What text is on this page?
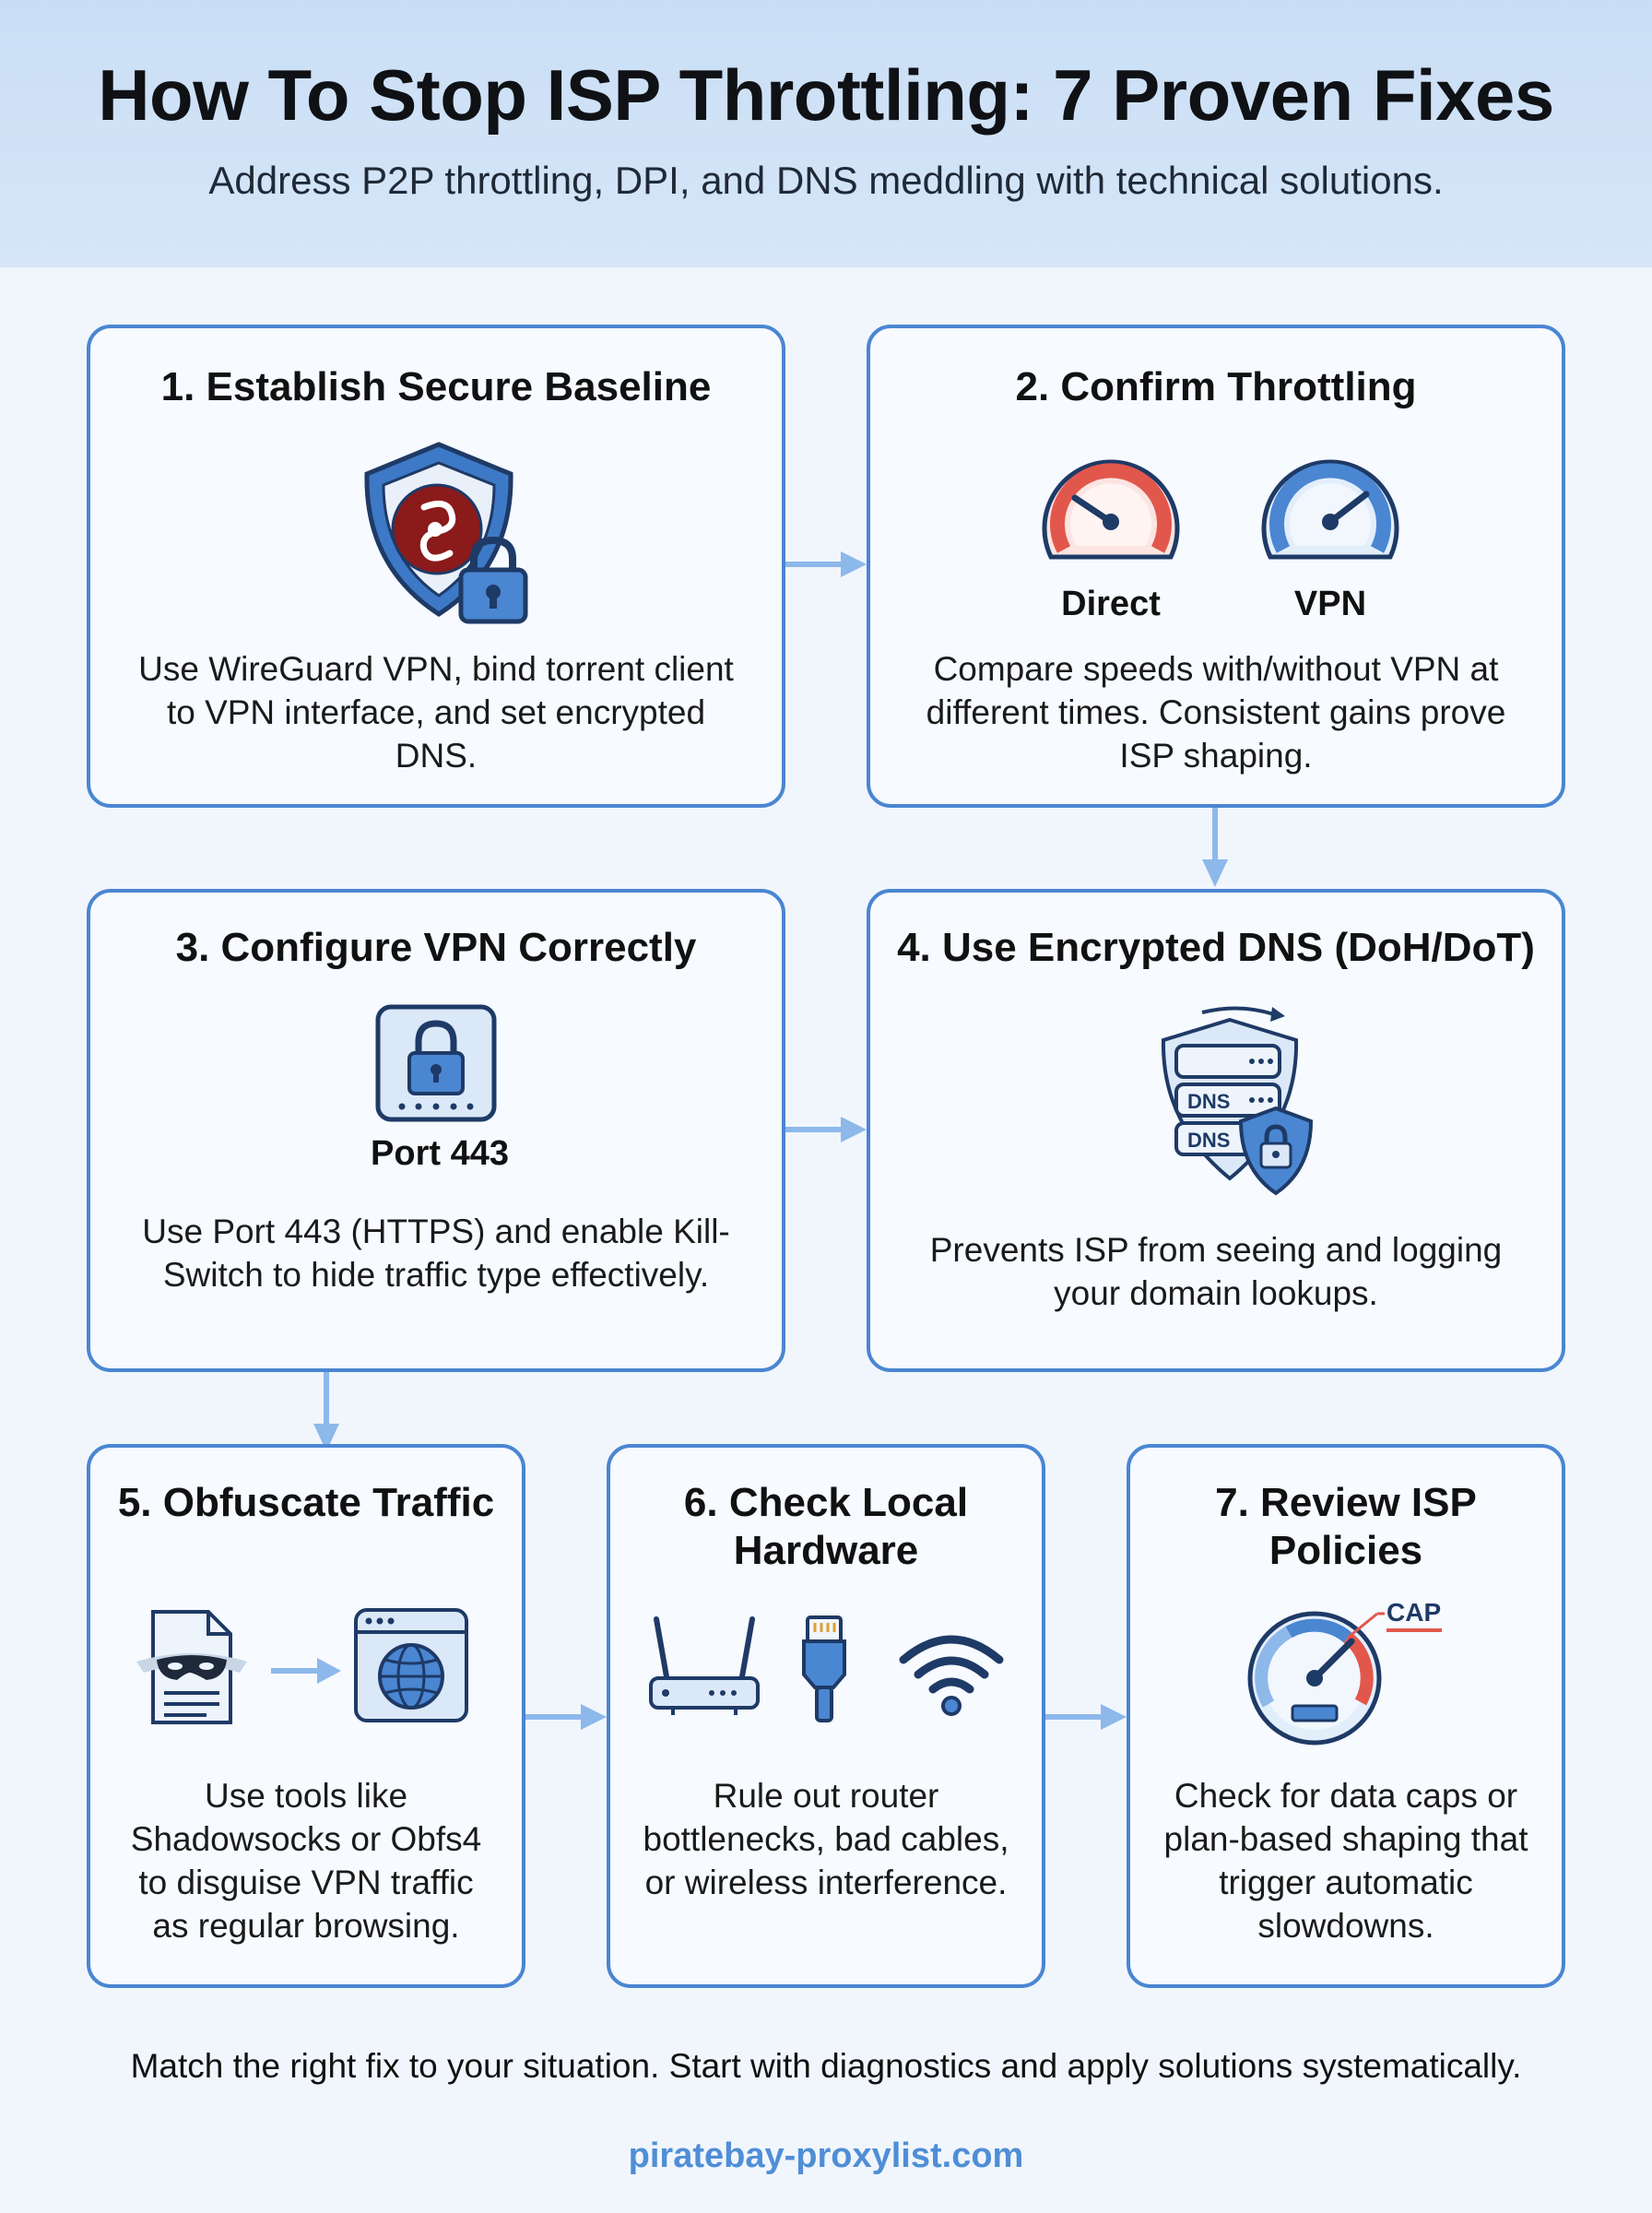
How To Stop ISP Throttling: 7 Proven Fixes
Address P2P throttling, DPI, and DNS meddling with technical solutions.
1. Establish Secure Baseline
Use WireGuard VPN, bind torrent client to VPN interface, and set encrypted DNS.
2. Confirm Throttling
Direct	VPN
Compare speeds with/without VPN at different times. Consistent gains prove ISP shaping.
3. Configure VPN Correctly
Port 443
Use Port 443 (HTTPS) and enable Kill-Switch to hide traffic type effectively.
4. Use Encrypted DNS (DoH/DoT)
DNS
DNS
Prevents ISP from seeing and logging your domain lookups.
5. Obfuscate Traffic
Use tools like Shadowsocks or Obfs4 to disguise VPN traffic as regular browsing.
6. Check Local
Hardware
Rule out router bottlenecks, bad cables, or wireless interference.
7. Review ISP
Policies
CAP
Check for data caps or plan-based shaping that trigger automatic slowdowns.
Match the right fix to your situation. Start with diagnostics and apply solutions systematically.
piratebay-proxylist.com
